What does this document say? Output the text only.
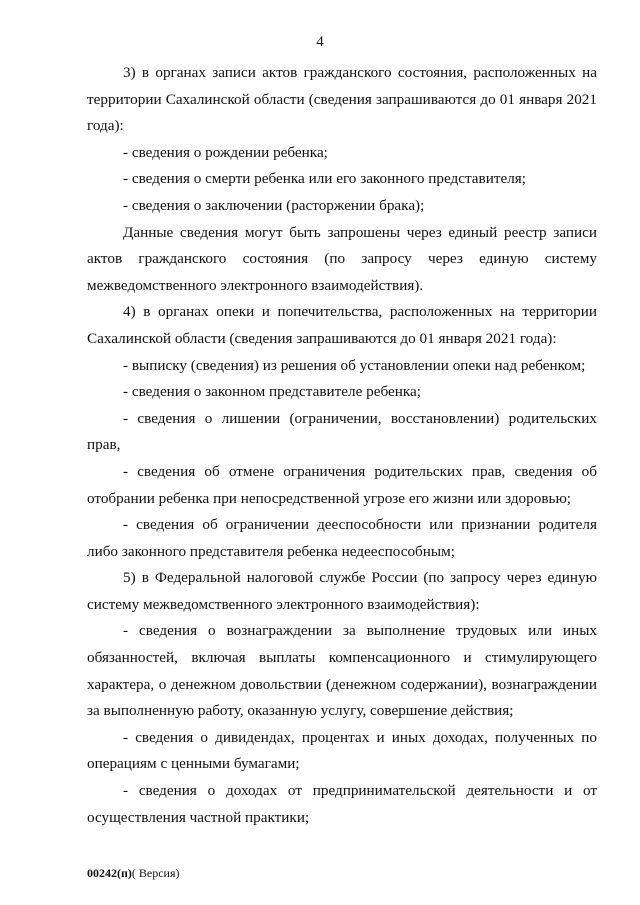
4

3) в органах записи актов гражданского состояния, расположенных на территории Сахалинской области (сведения запрашиваются до 01 января 2021 года):

- сведения о рождении ребенка;

- сведения о смерти ребенка или его законного представителя;

- сведения о заключении (расторжении брака);

Данные сведения могут быть запрошены через единый реестр записи актов гражданского состояния (по запросу через единую систему межведомственного электронного взаимодействия).

4) в органах опеки и попечительства, расположенных на территории Сахалинской области (сведения запрашиваются до 01 января 2021 года):

- выписку (сведения) из решения об установлении опеки над ребенком;

- сведения о законном представителе ребенка;

- сведения о лишении (ограничении, восстановлении) родительских прав,

- сведения об отмене ограничения родительских прав, сведения об отобрании ребенка при непосредственной угрозе его жизни или здоровью;

- сведения об ограничении дееспособности или признании родителя либо законного представителя ребенка недееспособным;

5) в Федеральной налоговой службе России (по запросу через единую систему межведомственного электронного взаимодействия):

- сведения о вознаграждении за выполнение трудовых или иных обязанностей, включая выплаты компенсационного и стимулирующего характера, о денежном довольствии (денежном содержании), вознаграждении за выполненную работу, оказанную услугу, совершение действия;

- сведения о дивидендах, процентах и иных доходах, полученных по операциям с ценными бумагами;

- сведения о доходах от предпринимательской деятельности и от осуществления частной практики;

00242(п)( Версия)
